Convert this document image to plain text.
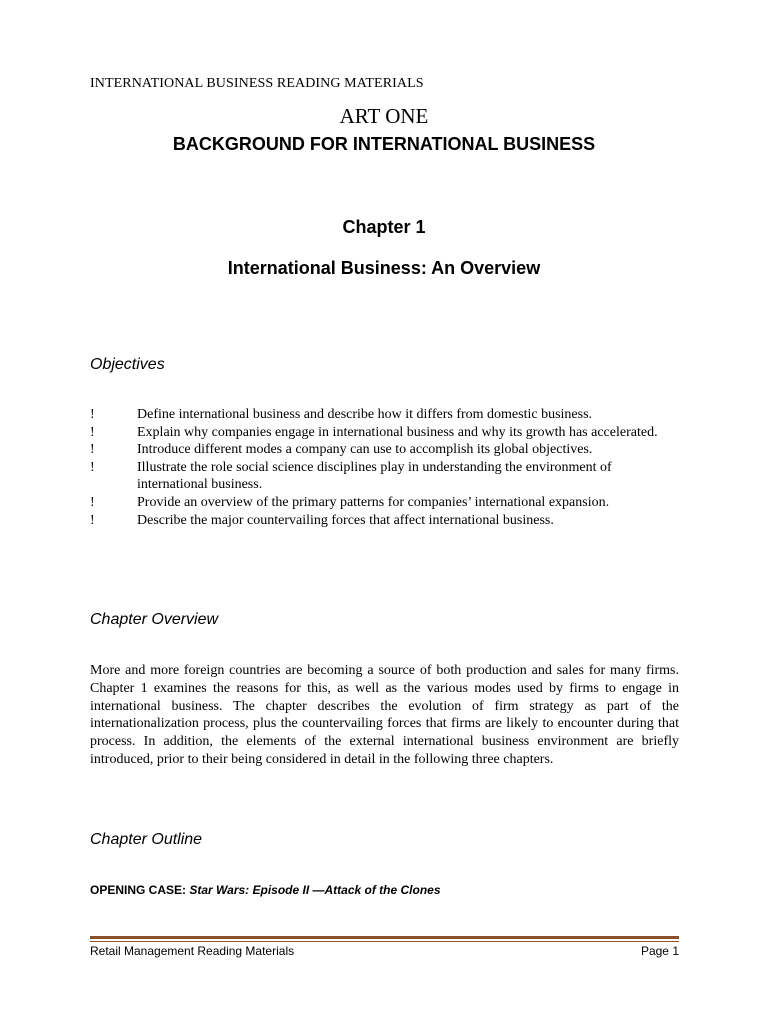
INTERNATIONAL BUSINESS READING MATERIALS
ART ONE
BACKGROUND FOR INTERNATIONAL BUSINESS
Chapter 1
International Business: An Overview
Objectives
!	Define international business and describe how it differs from domestic business.
!	Explain why companies engage in international business and why its growth has accelerated.
!	Introduce different modes a company can use to accomplish its global objectives.
!	Illustrate the role social science disciplines play in understanding the environment of international business.
!	Provide an overview of the primary patterns for companies’ international expansion.
!	Describe the major countervailing forces that affect international business.
Chapter Overview

More and more foreign countries are becoming a source of both production and sales for many firms. Chapter 1 examines the reasons for this, as well as the various modes used by firms to engage in international business. The chapter describes the evolution of firm strategy as part of the internationalization process, plus the countervailing forces that firms are likely to encounter during that process. In addition, the elements of the external international business environment are briefly introduced, prior to their being considered in detail in the following three chapters.

Chapter Outline
OPENING CASE: Star Wars: Episode II —Attack of the Clones
Retail Management Reading Materials	Page 1
